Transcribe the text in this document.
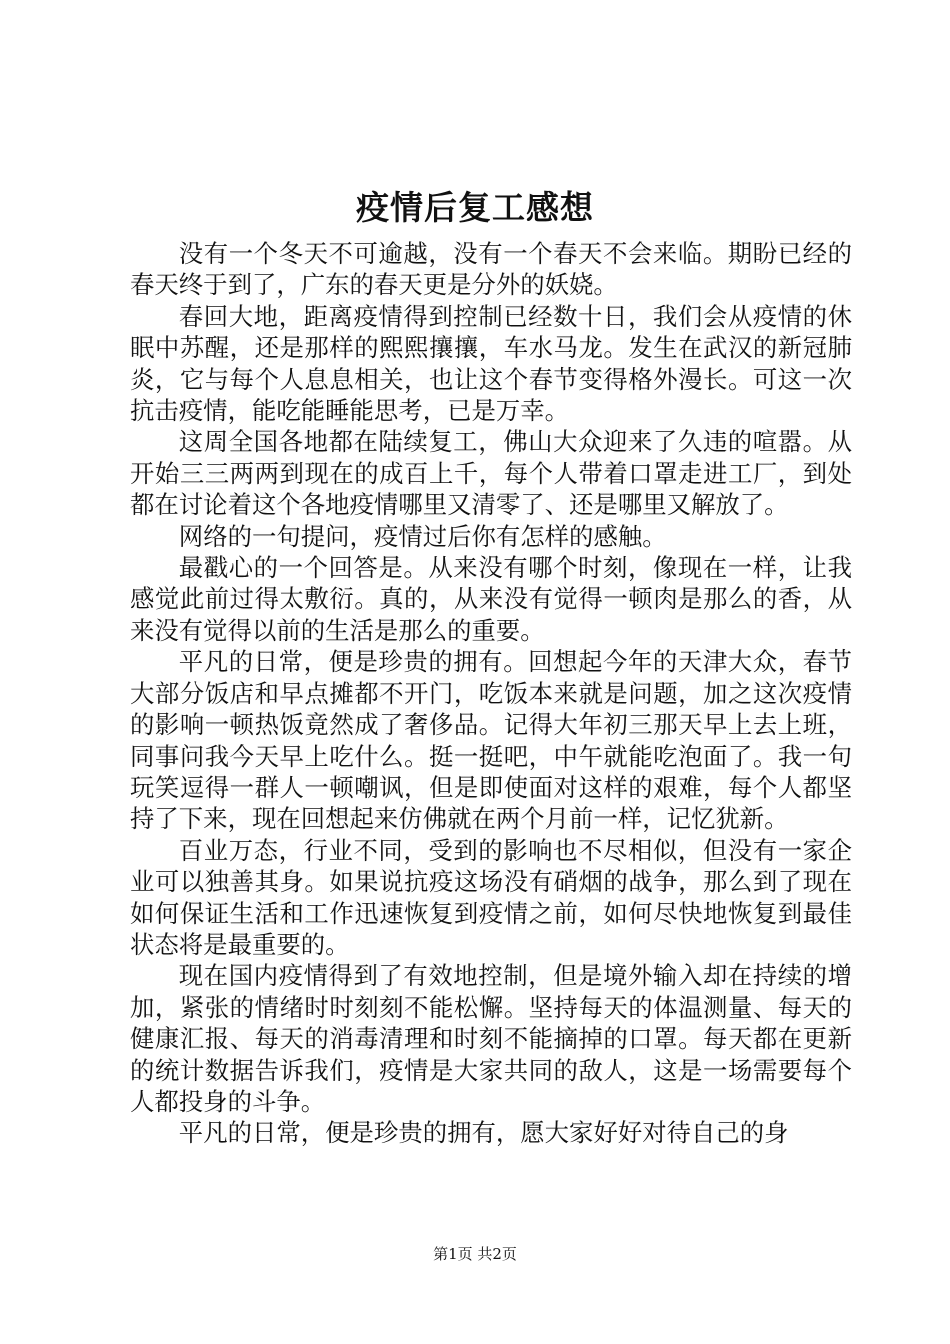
疫情后复工感想

没有一个冬天不可逾越，没有一个春天不会来临。期盼已经的春天终于到了，广东的春天更是分外的妖娆。

春回大地，距离疫情得到控制已经数十日，我们会从疫情的休眠中苏醒，还是那样的熙熙攘攘，车水马龙。发生在武汉的新冠肺炎，它与每个人息息相关，也让这个春节变得格外漫长。可这一次抗击疫情，能吃能睡能思考，已是万幸。

这周全国各地都在陆续复工，佛山大众迎来了久违的喧嚣。从开始三三两两到现在的成百上千，每个人带着口罩走进工厂，到处都在讨论着这个各地疫情哪里又清零了、还是哪里又解放了。

网络的一句提问，疫情过后你有怎样的感触。

最戳心的一个回答是。从来没有哪个时刻，像现在一样，让我感觉此前过得太敷衍。真的，从来没有觉得一顿肉是那么的香，从来没有觉得以前的生活是那么的重要。

平凡的日常，便是珍贵的拥有。回想起今年的天津大众，春节大部分饭店和早点摊都不开门，吃饭本来就是问题，加之这次疫情的影响一顿热饭竟然成了奢侈品。记得大年初三那天早上去上班，同事问我今天早上吃什么。挺一挺吧，中午就能吃泡面了。我一句玩笑逗得一群人一顿嘲讽，但是即使面对这样的艰难，每个人都坚持了下来，现在回想起来仿佛就在两个月前一样，记忆犹新。

百业万态，行业不同，受到的影响也不尽相似，但没有一家企业可以独善其身。如果说抗疫这场没有硝烟的战争，那么到了现在如何保证生活和工作迅速恢复到疫情之前，如何尽快地恢复到最佳状态将是最重要的。

现在国内疫情得到了有效地控制，但是境外输入却在持续的增加，紧张的情绪时时刻刻不能松懈。坚持每天的体温测量、每天的健康汇报、每天的消毒清理和时刻不能摘掉的口罩。每天都在更新的统计数据告诉我们，疫情是大家共同的敌人，这是一场需要每个人都投身的斗争。

平凡的日常，便是珍贵的拥有，愿大家好好对待自己的身

第1页 共2页
